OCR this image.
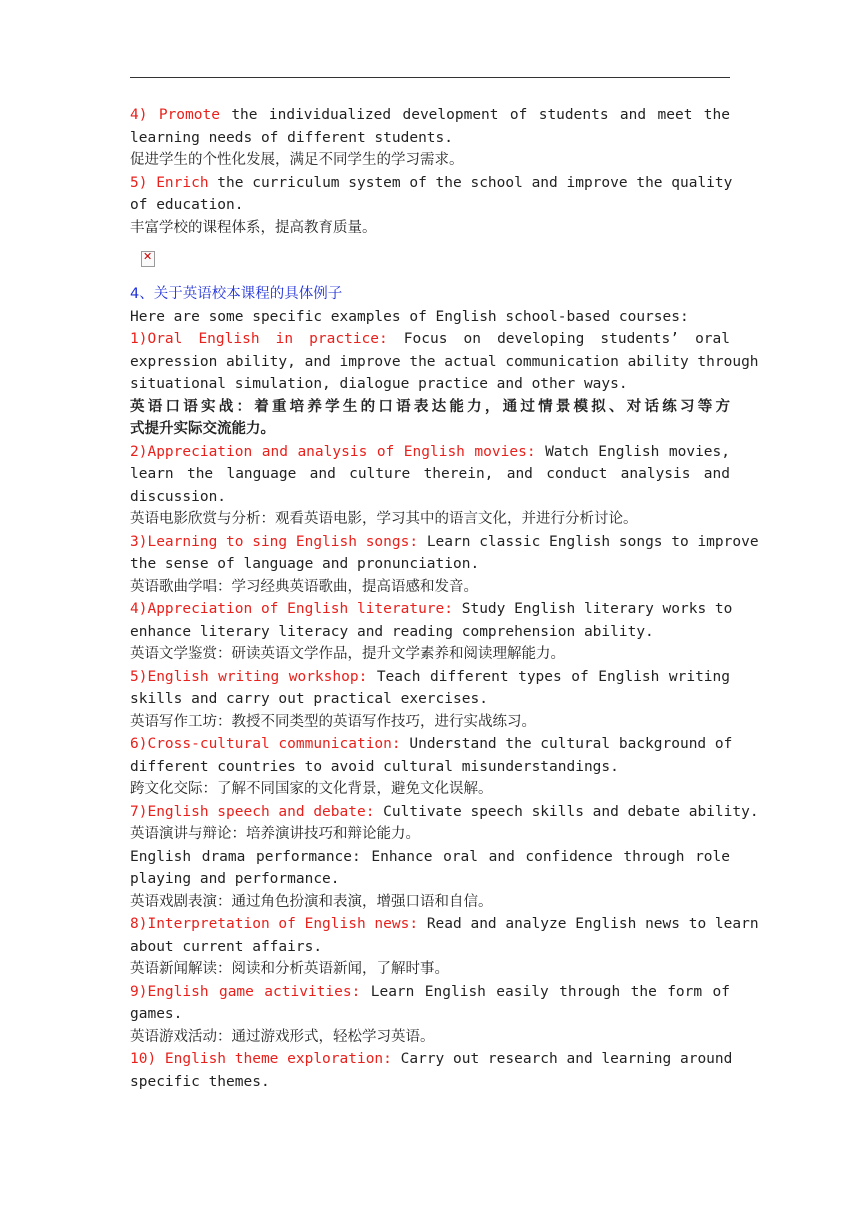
4) Promote the individualized development of students and meet the
learning needs of different students.
促进学生的个性化发展，满足不同学生的学习需求。
5) Enrich the curriculum system of the school and improve the quality
of education.
丰富学校的课程体系，提高教育质量。
✕
4、关于英语校本课程的具体例子
Here are some specific examples of English school-based courses:
1)Oral English in practice: Focus on developing students’ oral
expression ability, and improve the actual communication ability through
situational simulation, dialogue practice and other ways.
英语口语实战：着重培养学生的口语表达能力，通过情景模拟、对话练习等方
式提升实际交流能力。
2)Appreciation and analysis of English movies: Watch English movies,
learn the language and culture therein, and conduct analysis and
discussion.
英语电影欣赏与分析：观看英语电影，学习其中的语言文化，并进行分析讨论。
3)Learning to sing English songs: Learn classic English songs to improve
the sense of language and pronunciation.
英语歌曲学唱：学习经典英语歌曲，提高语感和发音。
4)Appreciation of English literature: Study English literary works to
enhance literary literacy and reading comprehension ability.
英语文学鉴赏：研读英语文学作品，提升文学素养和阅读理解能力。
5)English writing workshop: Teach different types of English writing
skills and carry out practical exercises.
英语写作工坊：教授不同类型的英语写作技巧，进行实战练习。
6)Cross-cultural communication: Understand the cultural background of
different countries to avoid cultural misunderstandings.
跨文化交际：了解不同国家的文化背景，避免文化误解。
7)English speech and debate: Cultivate speech skills and debate ability.
英语演讲与辩论：培养演讲技巧和辩论能力。
English drama performance: Enhance oral and confidence through role
playing and performance.
英语戏剧表演：通过角色扮演和表演，增强口语和自信。
8)Interpretation of English news: Read and analyze English news to learn
about current affairs.
英语新闻解读：阅读和分析英语新闻，了解时事。
9)English game activities: Learn English easily through the form of
games.
英语游戏活动：通过游戏形式，轻松学习英语。
10) English theme exploration: Carry out research and learning around
specific themes.
